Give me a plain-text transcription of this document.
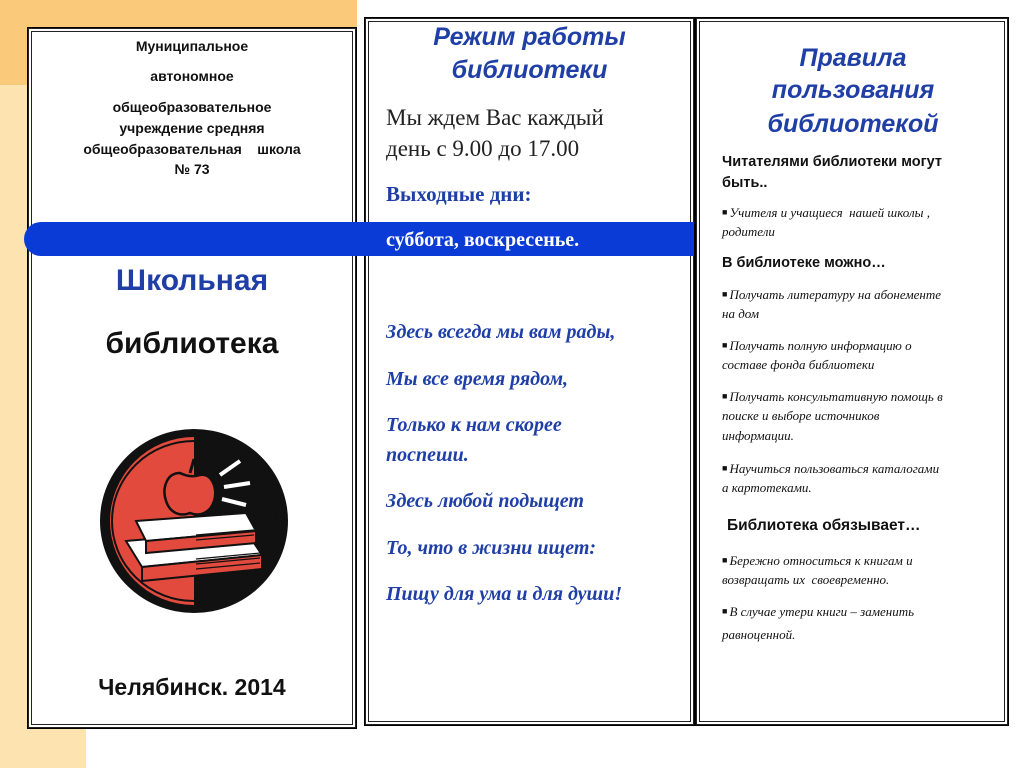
Муниципальное
автономное
общеобразовательное
учреждение средняя
общеобразовательная    школа
№ 73
Школьная
библиотека
Челябинск. 2014
Режим работы
библиотеки
Мы ждем Вас каждый
день с 9.00 до 17.00
Выходные дни:
суббота, воскресенье.
Здесь всегда мы вам рады,
Мы все время рядом,
Только к нам скорее
поспеши.
Здесь любой подыщет
То, что в жизни ищет:
Пищу для ума и для души!
Правила
пользования
библиотекой
Читателями библиотеки могут
быть..
■ Учителя и учащиеся  нашей школы ,
родители
В библиотеке можно…
■ Получать литературу на абонементе
на дом
■ Получать полную информацию о
составе фонда библиотеки
■ Получать консультативную помощь в
поиске и выборе источников
информации.
■ Научиться пользоваться каталогами
а картотеками.
Библиотека обязывает…
■ Бережно относиться к книгам и
возвращать их  своевременно.
■ В случае утери книги – заменить
равноценной.
